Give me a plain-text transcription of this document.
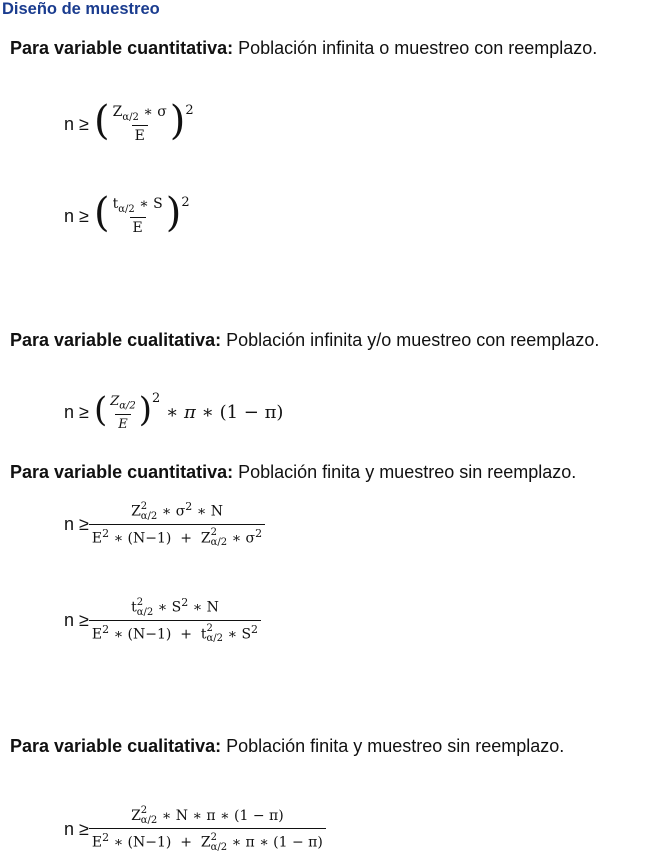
Diseño de muestreo
Para variable cuantitativa: Población infinita o muestreo con reemplazo.
n ≥
( $\frac{Z_{\alpha/2} ∗ \sigma}{E}$ ) 2
n ≥
( $\frac{t_{\alpha/2} ∗ S}{E}$ ) 2
Para variable cualitativa: Población infinita y/o muestreo con reemplazo.
n ≥
( $\frac{Z_{\alpha/2}}{E}$ ) 2
∗ π ∗ (1 − π)
Para variable cuantitativa: Población finita y muestreo sin reemplazo.
n ≥ Z 2
α/2 ∗ $\sigma^2$ ∗ N
$E^2$ ∗ (N−1) + Z 2
α/2 ∗ $\sigma^2$
n ≥ t 2
α/2 ∗ $S^2$ ∗ N
$E^2$ ∗ (N−1) + t 2
α/2 ∗ $S^2$
Para variable cualitativa: Población finita y muestreo sin reemplazo.
n ≥ Z 2
α/2 ∗ N ∗ π ∗ (1 − π)
$E^2$ ∗ (N−1) + Z 2
α/2 ∗ π ∗ (1 − π)
